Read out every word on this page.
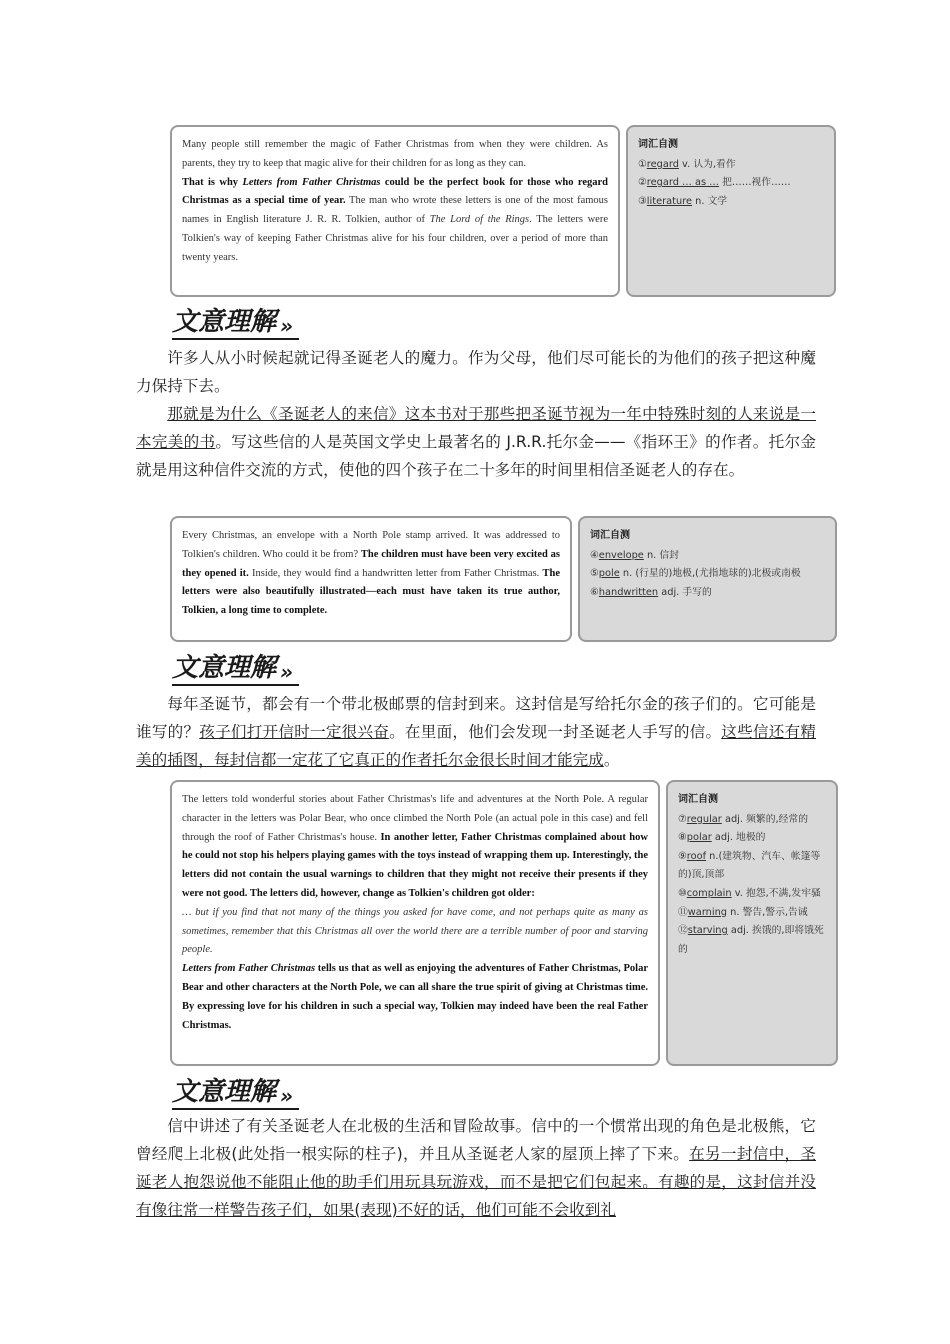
Many people still remember the magic of Father Christmas from when they were children. As parents, they try to keep that magic alive for their children for as long as they can.

That is why Letters from Father Christmas could be the perfect book for those who regard Christmas as a special time of year. The man who wrote these letters is one of the most famous names in English literature J. R. R. Tolkien, author of The Lord of the Rings. The letters were Tolkien's way of keeping Father Christmas alive for his four children, over a period of more than twenty years.

词汇自测
①regard v. 认为,看作
②regard … as … 把……视作……
③literature n. 文学
文意理解 »

许多人从小时候起就记得圣诞老人的魔力。作为父母，他们尽可能长的为他们的孩子把这种魔力保持下去。

那就是为什么《圣诞老人的来信》这本书对于那些把圣诞节视为一年中特殊时刻的人来说是一本完美的书。写这些信的人是英国文学史上最著名的 J.R.R.托尔金——《指环王》的作者。托尔金就是用这种信件交流的方式，使他的四个孩子在二十多年的时间里相信圣诞老人的存在。

Every Christmas, an envelope with a North Pole stamp arrived. It was addressed to Tolkien's children. Who could it be from? The children must have been very excited as they opened it. Inside, they would find a handwritten letter from Father Christmas. The letters were also beautifully illustrated—each must have taken its true author, Tolkien, a long time to complete.

词汇自测
④envelope n. 信封
⑤pole n. (行星的)地极,(尤指地球的)北极或南极
⑥handwritten adj. 手写的
文意理解 »

每年圣诞节，都会有一个带北极邮票的信封到来。这封信是写给托尔金的孩子们的。它可能是谁写的？孩子们打开信时一定很兴奋。在里面，他们会发现一封圣诞老人手写的信。这些信还有精美的插图，每封信都一定花了它真正的作者托尔金很长时间才能完成。

The letters told wonderful stories about Father Christmas's life and adventures at the North Pole. A regular character in the letters was Polar Bear, who once climbed the North Pole (an actual pole in this case) and fell through the roof of Father Christmas's house. In another letter, Father Christmas complained about how he could not stop his helpers playing games with the toys instead of wrapping them up. Interestingly, the letters did not contain the usual warnings to children that they might not receive their presents if they were not good. The letters did, however, change as Tolkien's children got older:

… but if you find that not many of the things you asked for have come, and not perhaps quite as many as sometimes, remember that this Christmas all over the world there are a terrible number of poor and starving people.

Letters from Father Christmas tells us that as well as enjoying the adventures of Father Christmas, Polar Bear and other characters at the North Pole, we can all share the true spirit of giving at Christmas time. By expressing love for his children in such a special way, Tolkien may indeed have been the real Father Christmas.

词汇自测
⑦regular adj. 频繁的,经常的
⑧polar adj. 地极的
⑨roof n.(建筑物、汽车、帐篷等的)顶,顶部
⑩complain v. 抱怨,不满,发牢骚
⑪warning n. 警告,警示,告诫
⑫starving adj. 挨饿的,即将饿死的
文意理解 »

信中讲述了有关圣诞老人在北极的生活和冒险故事。信中的一个惯常出现的角色是北极熊，它曾经爬上北极(此处指一根实际的柱子)，并且从圣诞老人家的屋顶上摔了下来。在另一封信中，圣诞老人抱怨说他不能阻止他的助手们用玩具玩游戏，而不是把它们包起来。有趣的是，这封信并没有像往常一样警告孩子们，如果(表现)不好的话，他们可能不会收到礼
